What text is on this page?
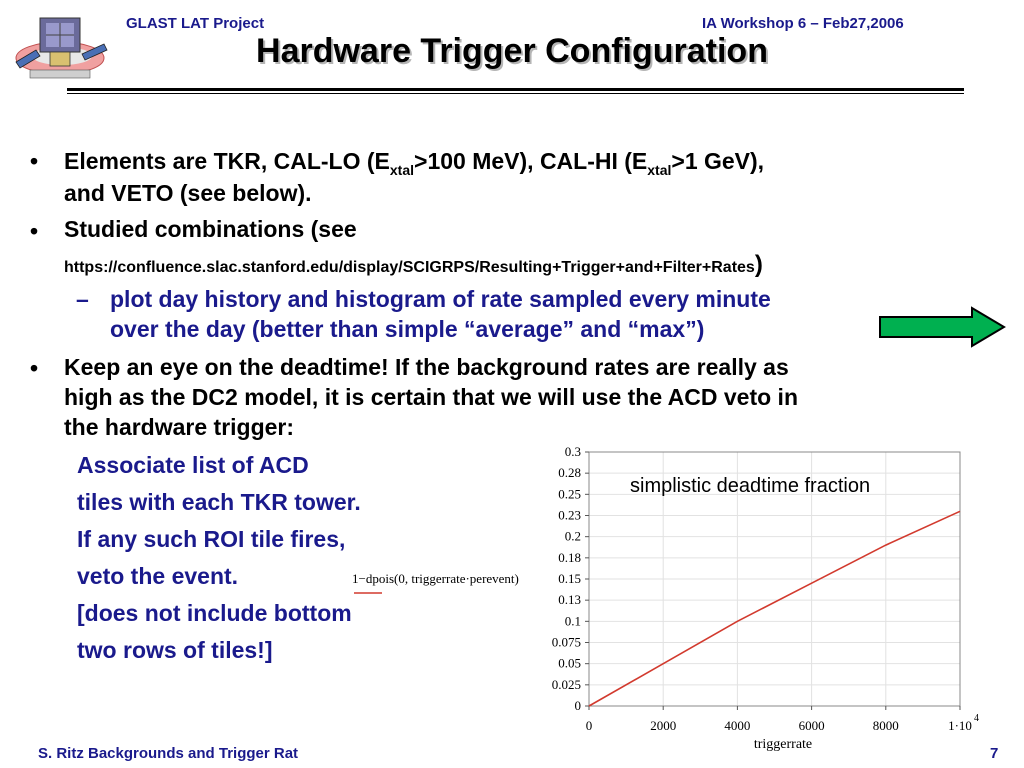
GLAST LAT Project	IA Workshop 6 – Feb27,2006
Hardware Trigger Configuration
• Elements are TKR, CAL-LO ($E_{xtal}>100$ MeV), CAL-HI ($E_{xtal}>1$ GeV),
and VETO (see below).
• Studied combinations (see
https://confluence.slac.stanford.edu/display/SCIGRPS/Resulting+Trigger+and+Filter+Rates)
– plot day history and histogram of rate sampled every minute
over the day (better than simple “average” and “max”)
• Keep an eye on the deadtime! If the background rates are really as
high as the DC2 model, it is certain that we will use the ACD veto in
the hardware trigger:
Associate list of ACD
tiles with each TKR tower.
If any such ROI tile fires,
veto the event.
[does not include bottom
two rows of tiles!]
0
0.025
0.05
0.075
0.1
0.13
0.15
0.18
0.2
0.23
0.25
0.28
0.3
0	2000	4000	6000	8000	1·10 4
simplistic deadtime fraction
1−dpois(0, triggerrate·perevent)
triggerrate
S. Ritz Backgrounds and Trigger Rat	7
